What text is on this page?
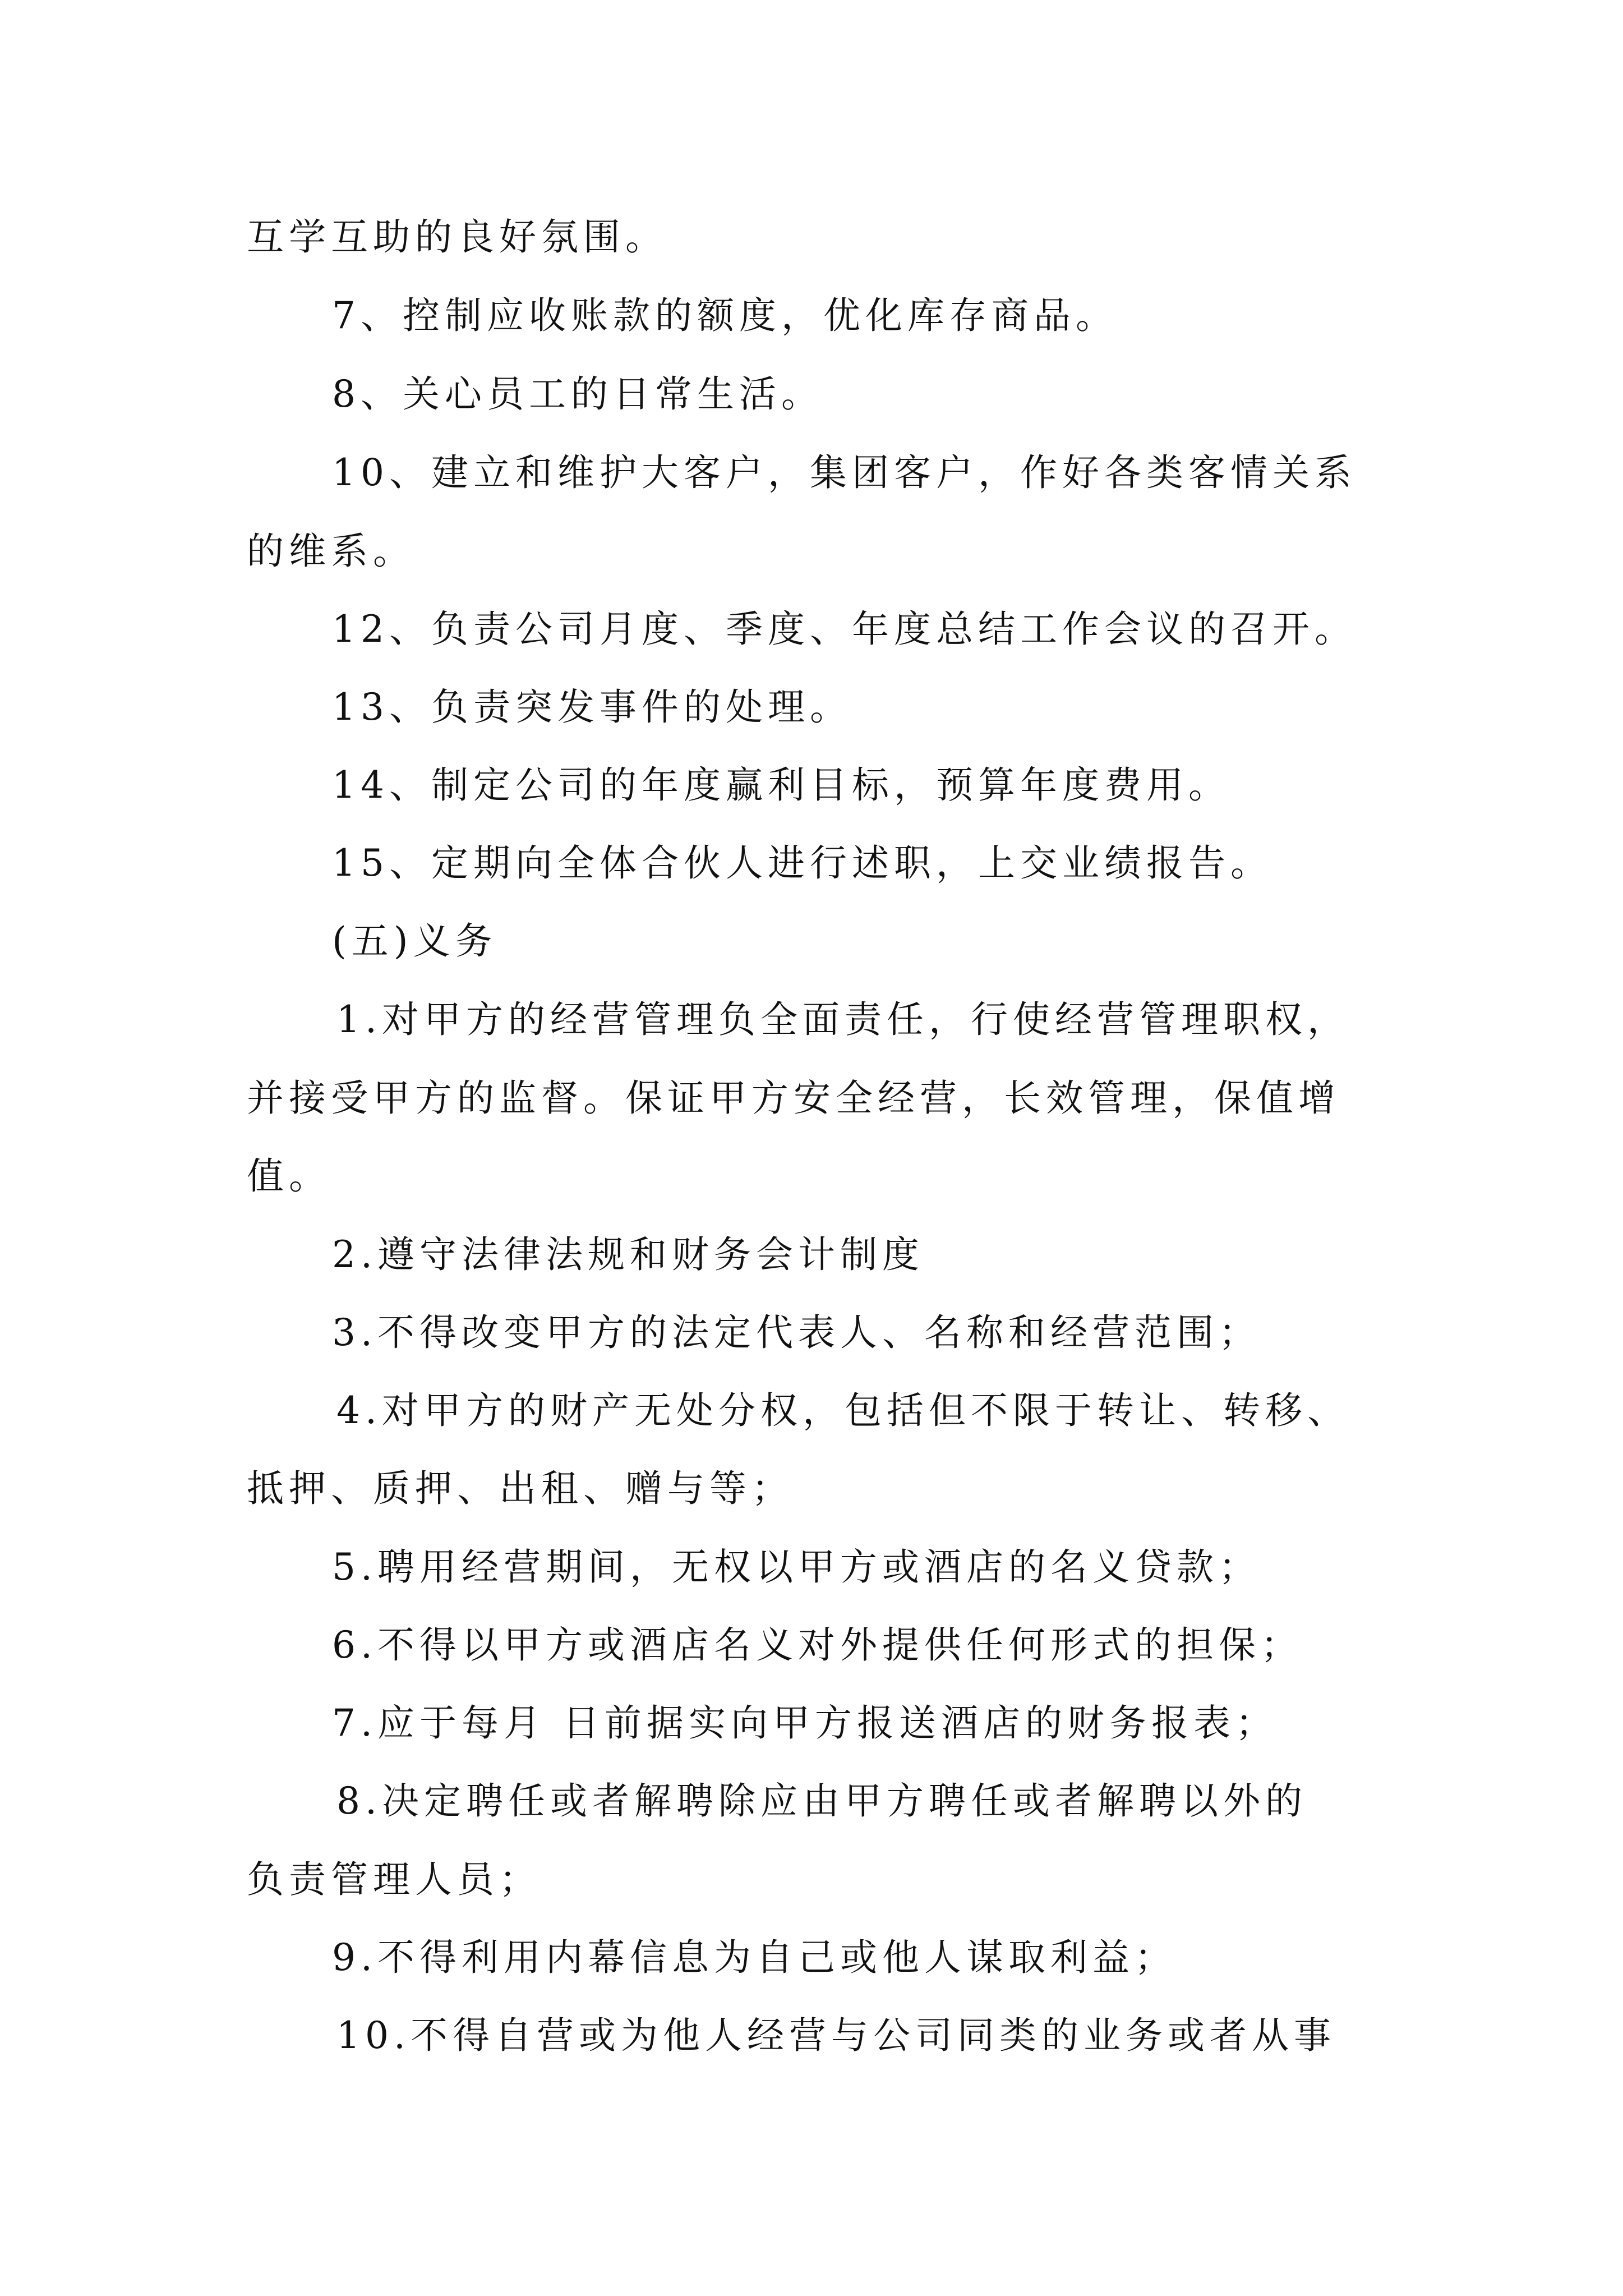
互学互助的良好氛围。
7、控制应收账款的额度，优化库存商品。
8、关心员工的日常生活。
10、建立和维护大客户，集团客户，作好各类客情关系
的维系。
12、负责公司月度、季度、年度总结工作会议的召开。
13、负责突发事件的处理。
14、制定公司的年度赢利目标，预算年度费用。
15、定期向全体合伙人进行述职，上交业绩报告。
(五)义务
1.对甲方的经营管理负全面责任，行使经营管理职权，
并接受甲方的监督。保证甲方安全经营，长效管理，保值增
值。
2.遵守法律法规和财务会计制度
3.不得改变甲方的法定代表人、名称和经营范围；
4.对甲方的财产无处分权，包括但不限于转让、转移、
抵押、质押、出租、赠与等；
5.聘用经营期间，无权以甲方或酒店的名义贷款；
6.不得以甲方或酒店名义对外提供任何形式的担保；
7.应于每月 日前据实向甲方报送酒店的财务报表；
8.决定聘任或者解聘除应由甲方聘任或者解聘以外的
负责管理人员；
9.不得利用内幕信息为自己或他人谋取利益；
10.不得自营或为他人经营与公司同类的业务或者从事
